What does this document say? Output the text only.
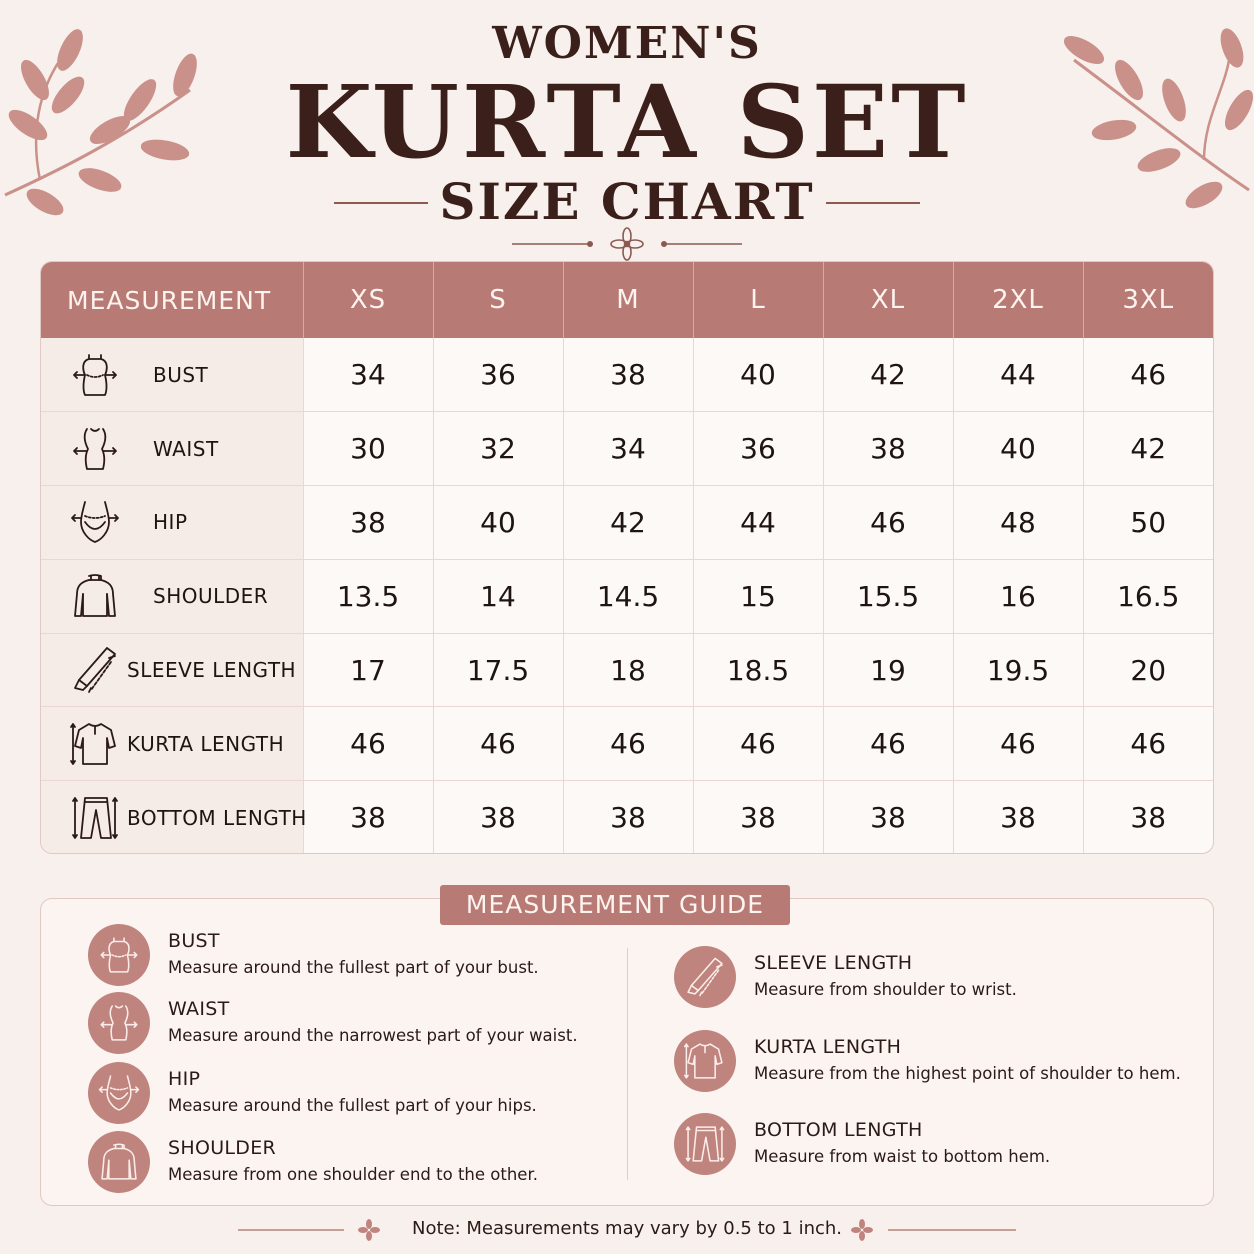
WOMEN'S
KURTA SET
SIZE CHART
MEASUREMENT	XS	S	M	L	XL	2XL	3XL
BUST	34	36	38	40	42	44	46
WAIST	30	32	34	36	38	40	42
HIP	38	40	42	44	46	48	50
SHOULDER	13.5	14	14.5	15	15.5	16	16.5
SLEEVE LENGTH	17	17.5	18	18.5	19	19.5	20
KURTA LENGTH	46	46	46	46	46	46	46
BOTTOM LENGTH	38	38	38	38	38	38	38
MEASUREMENT GUIDE
BUST
Measure around the fullest part of your bust.
WAIST
Measure around the narrowest part of your waist.
HIP
Measure around the fullest part of your hips.
SHOULDER
Measure from one shoulder end to the other.
SLEEVE LENGTH
Measure from shoulder to wrist.
KURTA LENGTH
Measure from the highest point of shoulder to hem.
BOTTOM LENGTH
Measure from waist to bottom hem.
Note: Measurements may vary by 0.5 to 1 inch.
